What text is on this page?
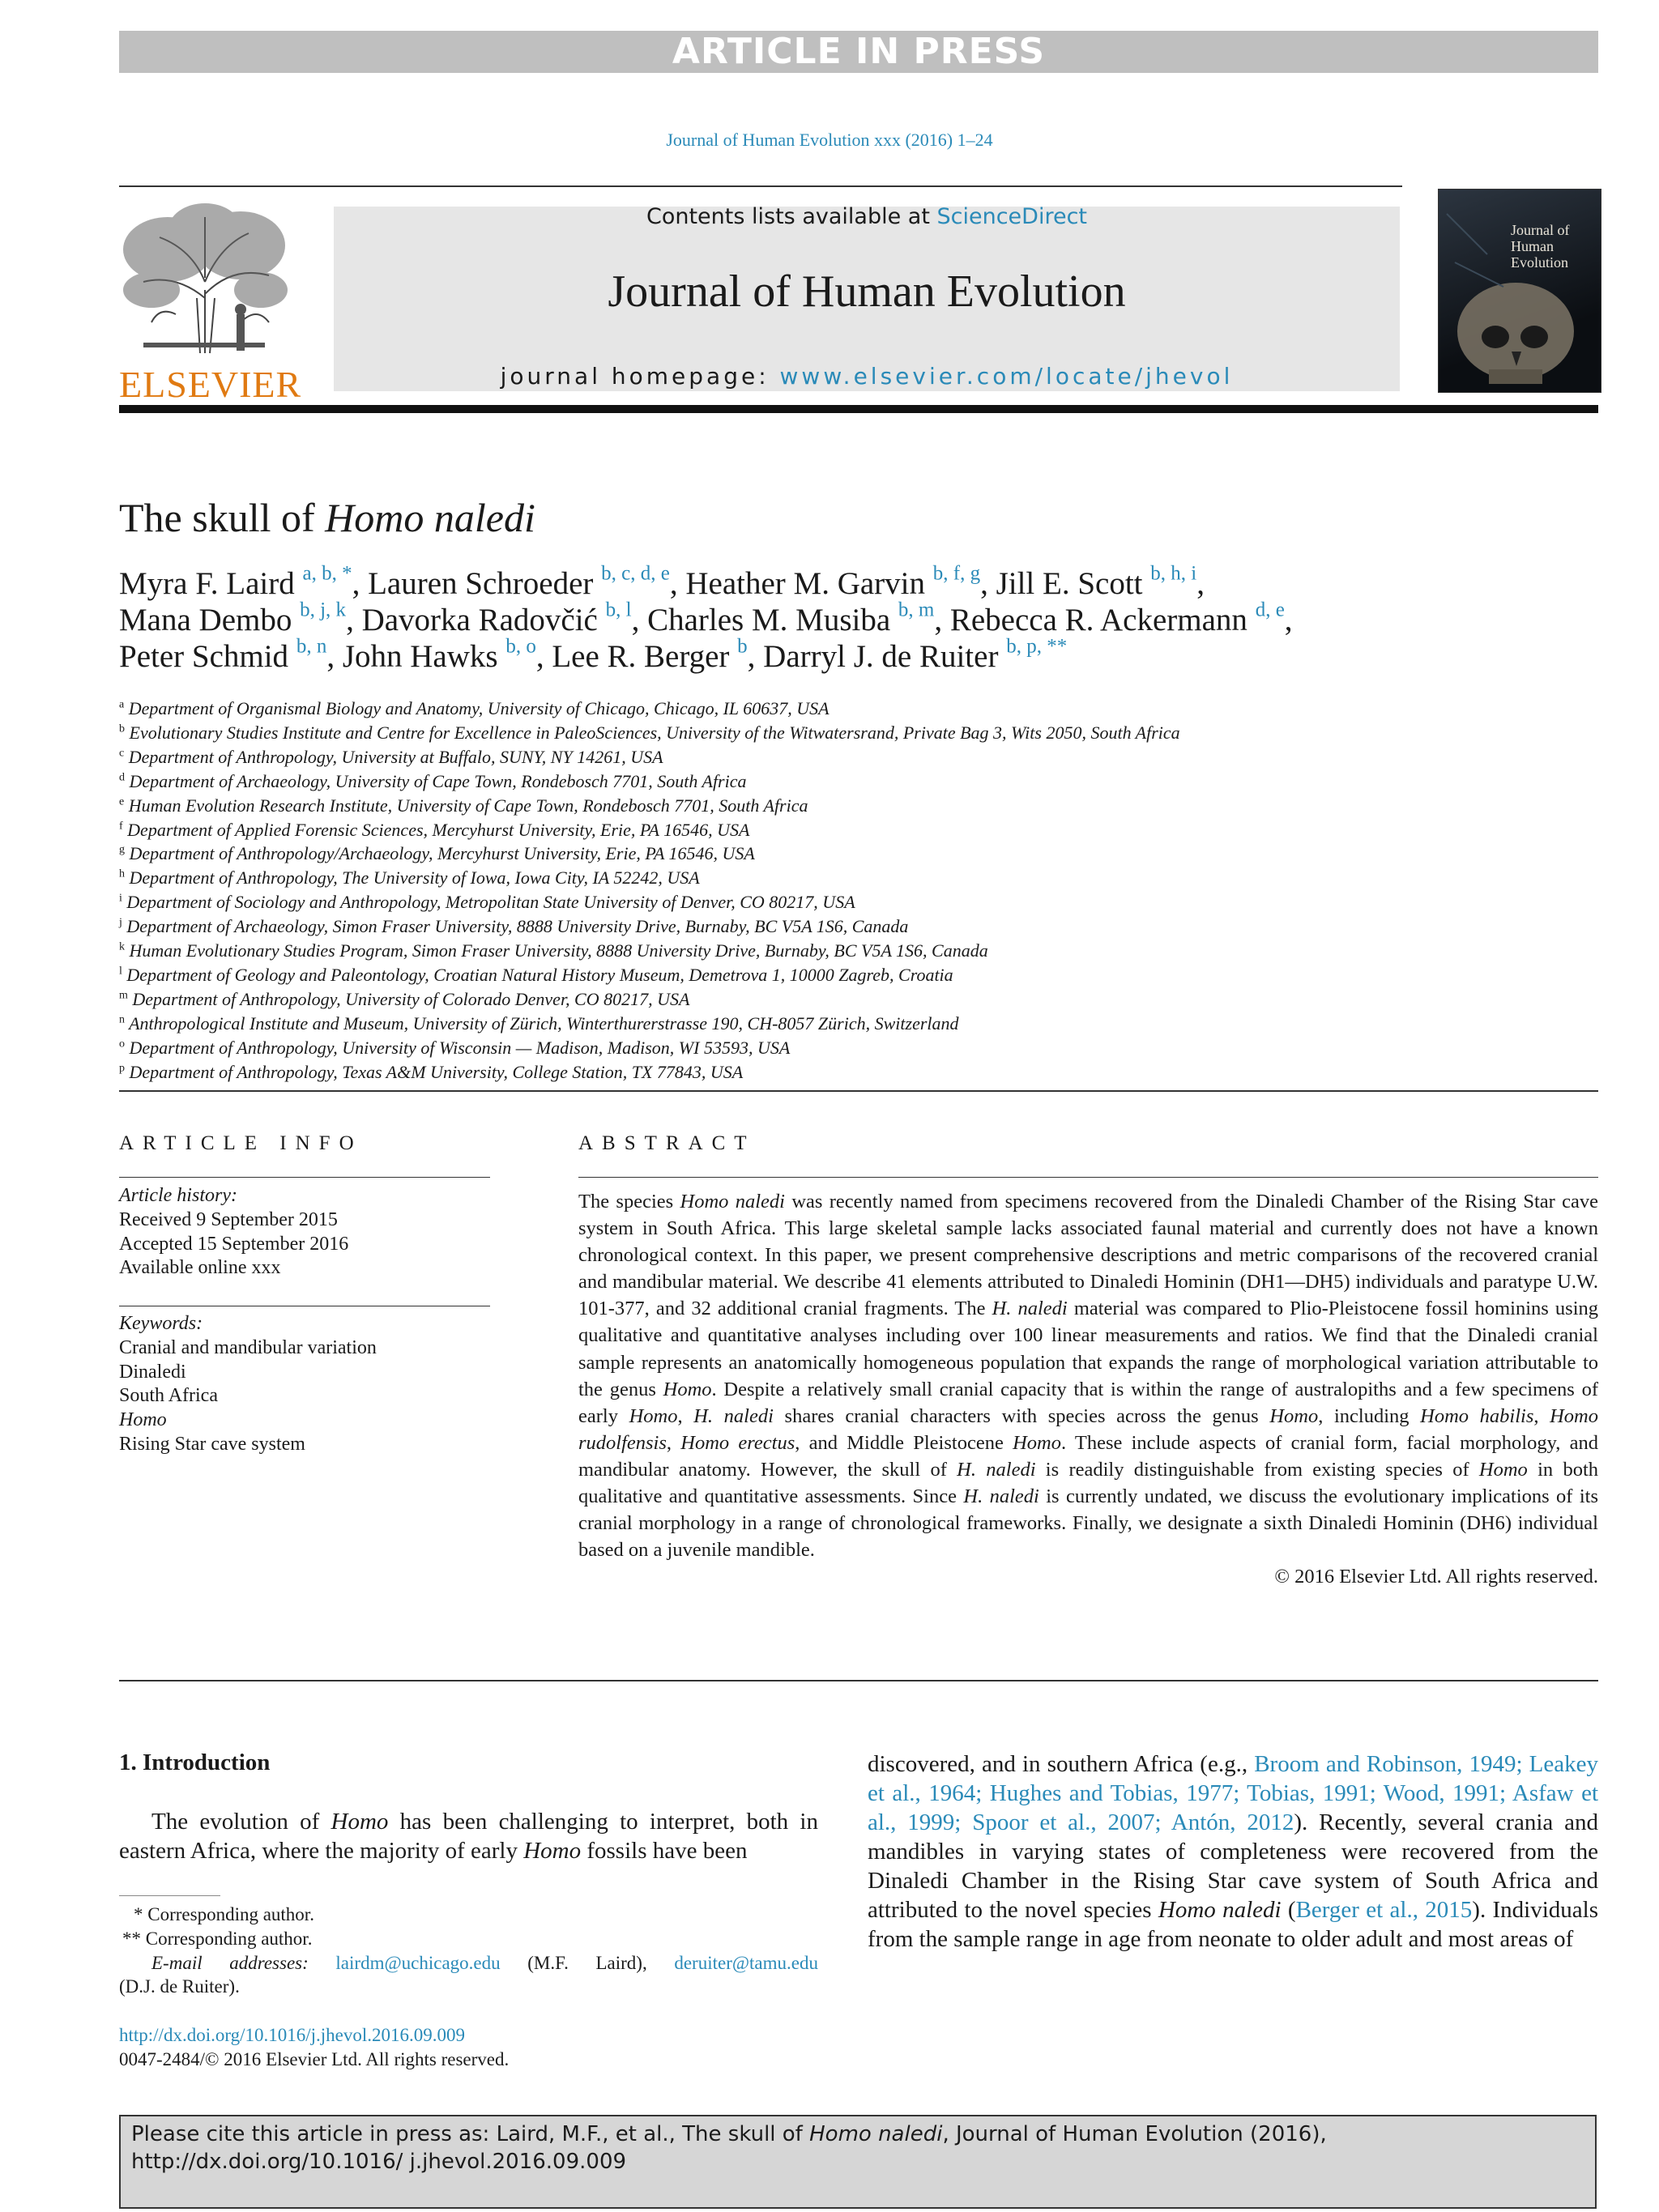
ARTICLE IN PRESS
Journal of Human Evolution xxx (2016) 1–24
ELSEVIER
Contents lists available at ScienceDirect
Journal of Human Evolution
journal homepage: www.elsevier.com/locate/jhevol
Journal of Human Evolution
The skull of Homo naledi
Myra F. Laird $^{a, b, *}$, Lauren Schroeder $^{b, c, d, e}$, Heather M. Garvin $^{b, f, g}$, Jill E. Scott $^{b, h, i}$,
Mana Dembo $^{b, j, k}$, Davorka Radovčić $^{b, l}$, Charles M. Musiba $^{b, m}$, Rebecca R. Ackermann $^{d, e}$,
Peter Schmid $^{b, n}$, John Hawks $^{b, o}$, Lee R. Berger $^b$, Darryl J. de Ruiter $^{b, p, **}$
$^a$ Department of Organismal Biology and Anatomy, University of Chicago, Chicago, IL 60637, USA
$^b$ Evolutionary Studies Institute and Centre for Excellence in PaleoSciences, University of the Witwatersrand, Private Bag 3, Wits 2050, South Africa
$^c$ Department of Anthropology, University at Buffalo, SUNY, NY 14261, USA
$^d$ Department of Archaeology, University of Cape Town, Rondebosch 7701, South Africa
$^e$ Human Evolution Research Institute, University of Cape Town, Rondebosch 7701, South Africa
$^f$ Department of Applied Forensic Sciences, Mercyhurst University, Erie, PA 16546, USA
$^g$ Department of Anthropology/Archaeology, Mercyhurst University, Erie, PA 16546, USA
$^h$ Department of Anthropology, The University of Iowa, Iowa City, IA 52242, USA
$^i$ Department of Sociology and Anthropology, Metropolitan State University of Denver, CO 80217, USA
$^j$ Department of Archaeology, Simon Fraser University, 8888 University Drive, Burnaby, BC V5A 1S6, Canada
$^k$ Human Evolutionary Studies Program, Simon Fraser University, 8888 University Drive, Burnaby, BC V5A 1S6, Canada
$^l$ Department of Geology and Paleontology, Croatian Natural History Museum, Demetrova 1, 10000 Zagreb, Croatia
$^m$ Department of Anthropology, University of Colorado Denver, CO 80217, USA
$^n$ Anthropological Institute and Museum, University of Zürich, Winterthurerstrasse 190, CH-8057 Zürich, Switzerland
$^o$ Department of Anthropology, University of Wisconsin — Madison, Madison, WI 53593, USA
$^p$ Department of Anthropology, Texas A&M University, College Station, TX 77843, USA
ARTICLE INFO
Article history:
Received 9 September 2015
Accepted 15 September 2016
Available online xxx
Keywords:
Cranial and mandibular variation
Dinaledi
South Africa
Homo
Rising Star cave system
ABSTRACT
The species Homo naledi was recently named from specimens recovered from the Dinaledi Chamber of the Rising Star cave system in South Africa. This large skeletal sample lacks associated faunal material and currently does not have a known chronological context. In this paper, we present comprehensive descriptions and metric comparisons of the recovered cranial and mandibular material. We describe 41 elements attributed to Dinaledi Hominin (DH1—DH5) individuals and paratype U.W. 101-377, and 32 additional cranial fragments. The H. naledi material was compared to Plio-Pleistocene fossil hominins using qualitative and quantitative analyses including over 100 linear measurements and ratios. We find that the Dinaledi cranial sample represents an anatomically homogeneous population that expands the range of morphological variation attributable to the genus Homo. Despite a relatively small cranial capacity that is within the range of australopiths and a few specimens of early Homo, H. naledi shares cranial characters with species across the genus Homo, including Homo habilis, Homo rudolfensis, Homo erectus, and Middle Pleistocene Homo. These include aspects of cranial form, facial morphology, and mandibular anatomy. However, the skull of H. naledi is readily distinguishable from existing species of Homo in both qualitative and quantitative assessments. Since H. naledi is currently undated, we discuss the evolutionary implications of its cranial morphology in a range of chronological frameworks. Finally, we designate a sixth Dinaledi Hominin (DH6) individual based on a juvenile mandible.
© 2016 Elsevier Ltd. All rights reserved.
1. Introduction
The evolution of Homo has been challenging to interpret, both in eastern Africa, where the majority of early Homo fossils have been
discovered, and in southern Africa (e.g., Broom and Robinson, 1949; Leakey et al., 1964; Hughes and Tobias, 1977; Tobias, 1991; Wood, 1991; Asfaw et al., 1999; Spoor et al., 2007; Antón, 2012). Recently, several crania and mandibles in varying states of completeness were recovered from the Dinaledi Chamber in the Rising Star cave system of South Africa and attributed to the novel species Homo naledi (Berger et al., 2015). Individuals from the sample range in age from neonate to older adult and most areas of
* Corresponding author.
** Corresponding author.
E-mail addresses: lairdm@uchicago.edu (M.F. Laird), deruiter@tamu.edu
(D.J. de Ruiter).
http://dx.doi.org/10.1016/j.jhevol.2016.09.009
0047-2484/© 2016 Elsevier Ltd. All rights reserved.
Please cite this article in press as: Laird, M.F., et al., The skull of Homo naledi, Journal of Human Evolution (2016), http://dx.doi.org/10.1016/ j.jhevol.2016.09.009
